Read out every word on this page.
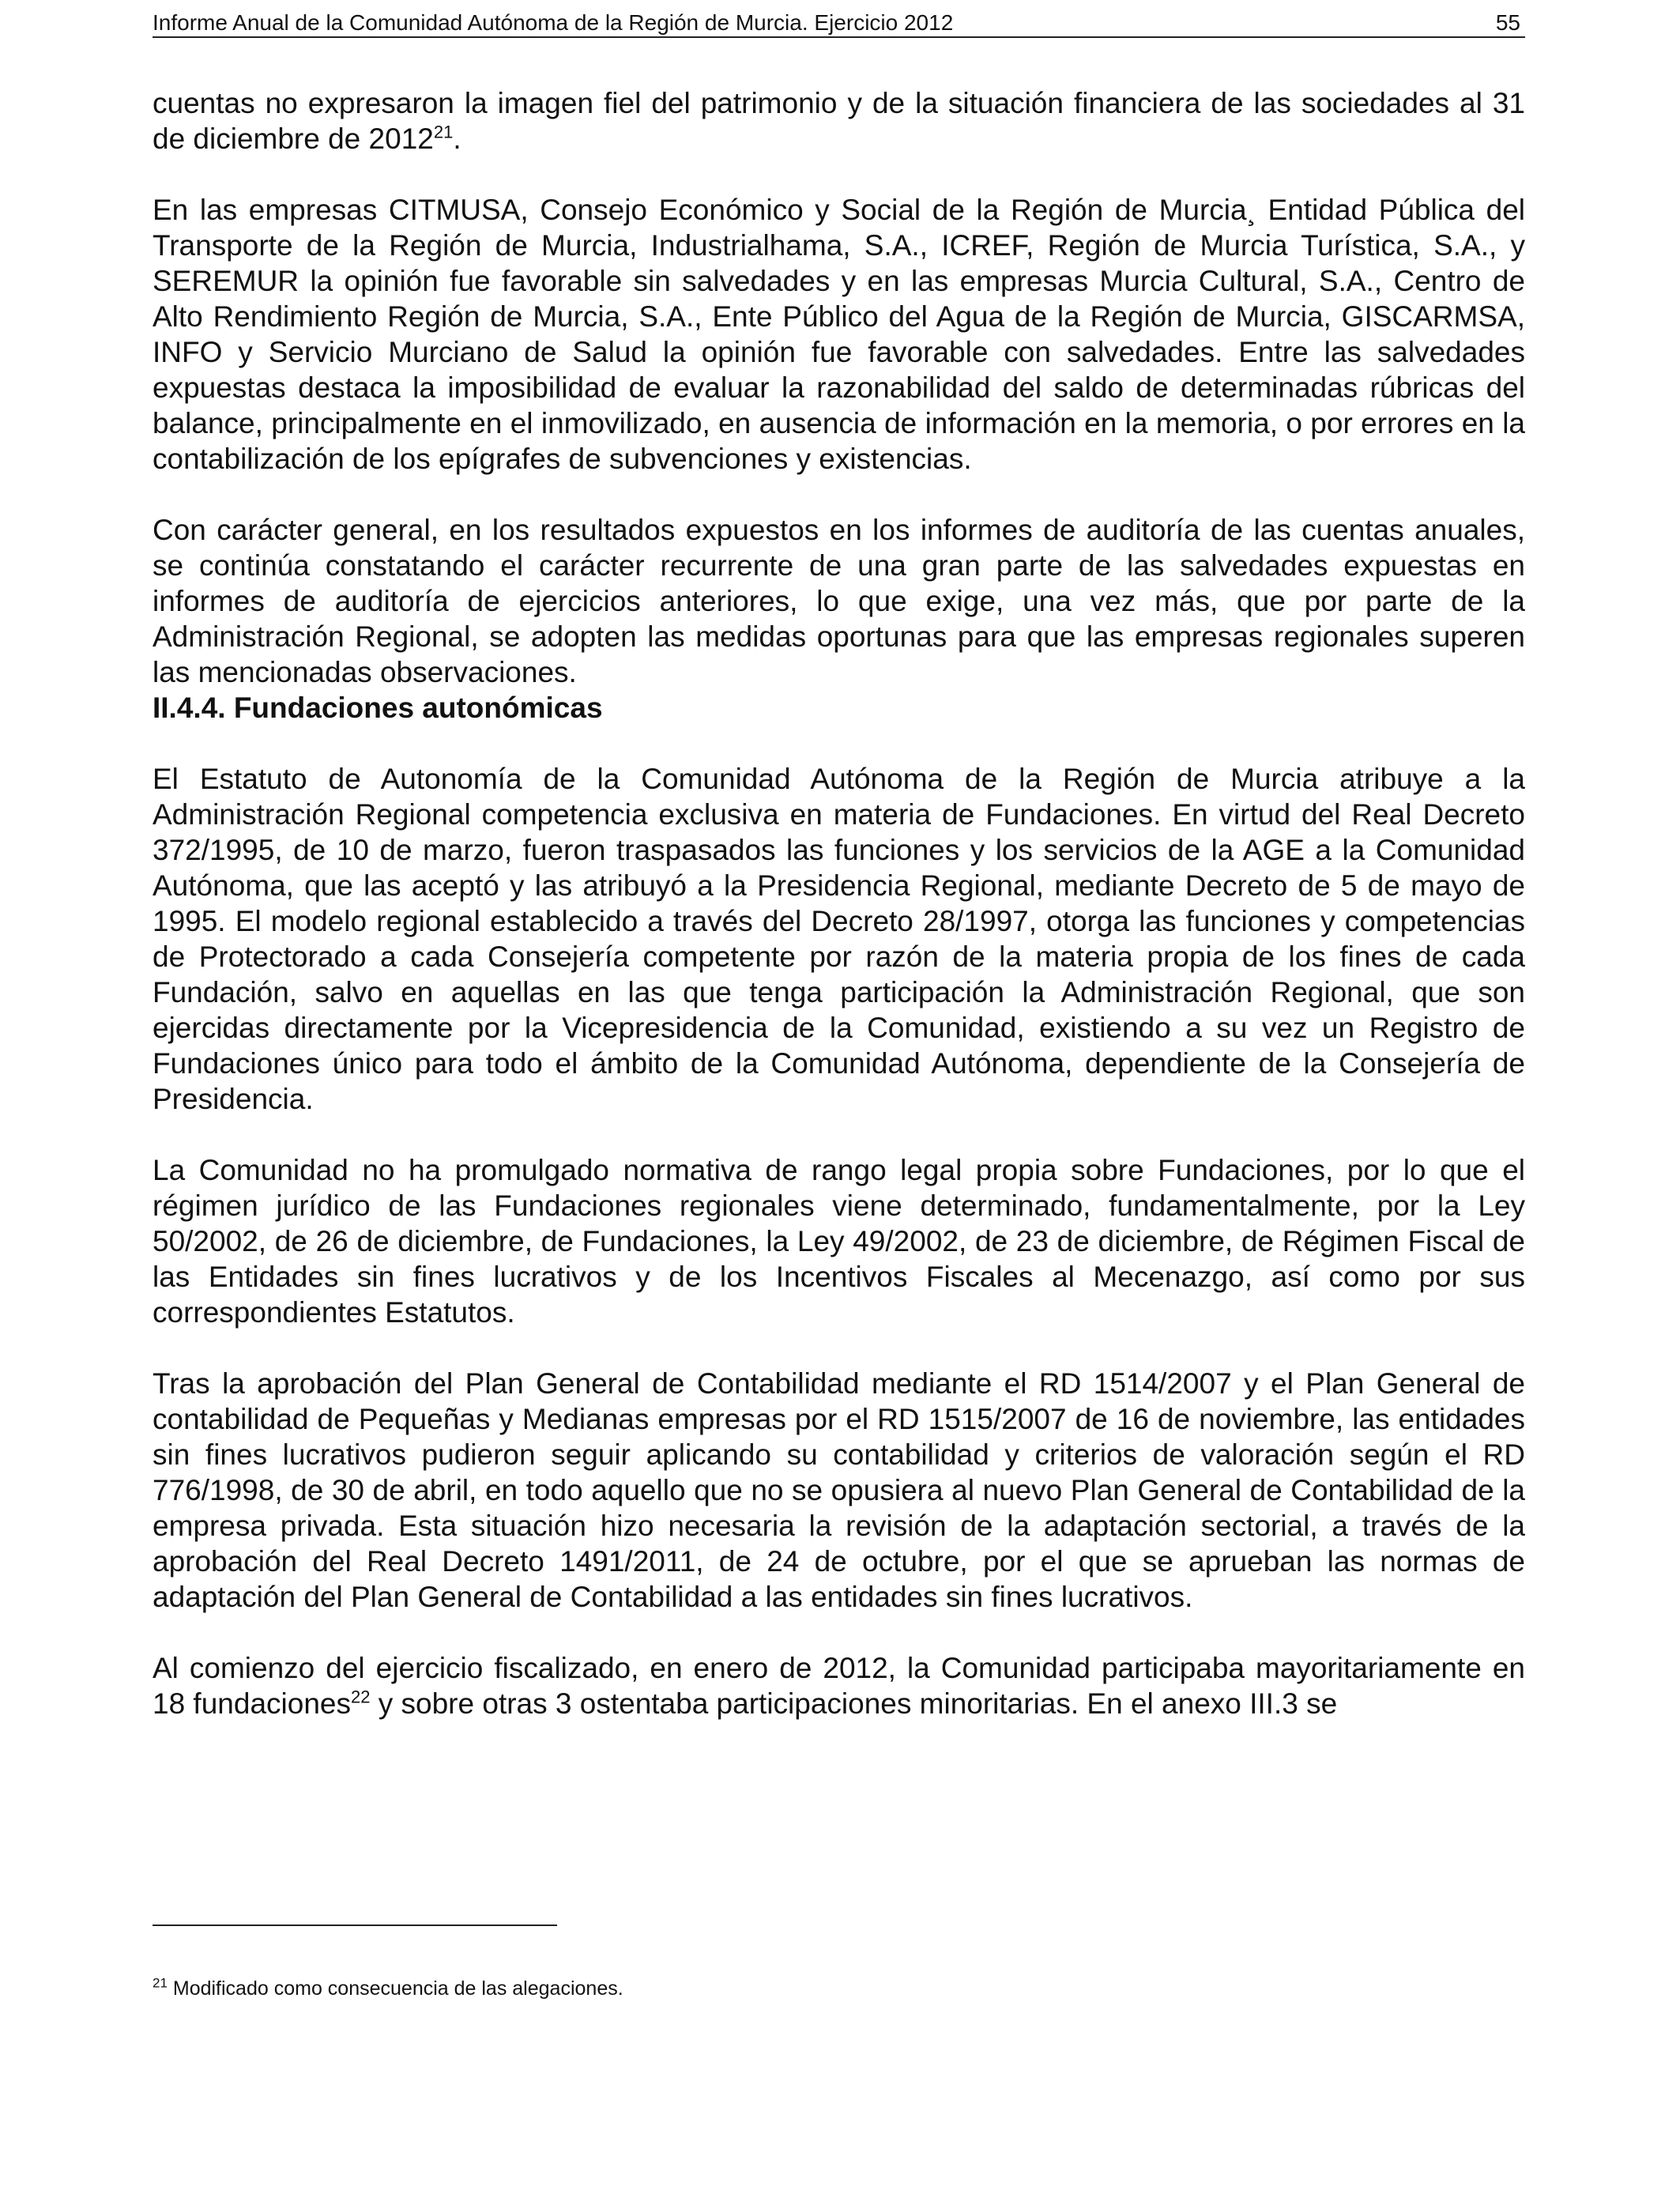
Informe Anual de la Comunidad Autónoma de la Región de Murcia. Ejercicio 2012	55

cuentas no expresaron la imagen fiel del patrimonio y de la situación financiera de las sociedades al 31 de diciembre de 2012$^{21}$.

En las empresas CITMUSA, Consejo Económico y Social de la Región de Murcia¸ Entidad Pública del Transporte de la Región de Murcia, Industrialhama, S.A., ICREF, Región de Murcia Turística, S.A., y SEREMUR la opinión fue favorable sin salvedades y en las empresas Murcia Cultural, S.A., Centro de Alto Rendimiento Región de Murcia, S.A., Ente Público del Agua de la Región de Murcia, GISCARMSA, INFO y Servicio Murciano de Salud la opinión fue favorable con salvedades. Entre las salvedades expuestas destaca la imposibilidad de evaluar la razonabilidad del saldo de determinadas rúbricas del balance, principalmente en el inmovilizado, en ausencia de información en la memoria, o por errores en la contabilización de los epígrafes de subvenciones y existencias.

Con carácter general, en los resultados expuestos en los informes de auditoría de las cuentas anuales, se continúa constatando el carácter recurrente de una gran parte de las salvedades expuestas en informes de auditoría de ejercicios anteriores, lo que exige, una vez más, que por parte de la Administración Regional, se adopten las medidas oportunas para que las empresas regionales superen las mencionadas observaciones.

II.4.4. Fundaciones autonómicas

El Estatuto de Autonomía de la Comunidad Autónoma de la Región de Murcia atribuye a la Administración Regional competencia exclusiva en materia de Fundaciones. En virtud del Real Decreto 372/1995, de 10 de marzo, fueron traspasados las funciones y los servicios de la AGE a la Comunidad Autónoma, que las aceptó y las atribuyó a la Presidencia Regional, mediante Decreto de 5 de mayo de 1995. El modelo regional establecido a través del Decreto 28/1997, otorga las funciones y competencias de Protectorado a cada Consejería competente por razón de la materia propia de los fines de cada Fundación, salvo en aquellas en las que tenga participación la Administración Regional, que son ejercidas directamente por la Vicepresidencia de la Comunidad, existiendo a su vez un Registro de Fundaciones único para todo el ámbito de la Comunidad Autónoma, dependiente de la Consejería de Presidencia.

La Comunidad no ha promulgado normativa de rango legal propia sobre Fundaciones, por lo que el régimen jurídico de las Fundaciones regionales viene determinado, fundamentalmente, por la Ley 50/2002, de 26 de diciembre, de Fundaciones, la Ley 49/2002, de 23 de diciembre, de Régimen Fiscal de las Entidades sin fines lucrativos y de los Incentivos Fiscales al Mecenazgo, así como por sus correspondientes Estatutos.

Tras la aprobación del Plan General de Contabilidad mediante el RD 1514/2007 y el Plan General de contabilidad de Pequeñas y Medianas empresas por el RD 1515/2007 de 16 de noviembre, las entidades sin fines lucrativos pudieron seguir aplicando su contabilidad y criterios de valoración según el RD 776/1998, de 30 de abril, en todo aquello que no se opusiera al nuevo Plan General de Contabilidad de la empresa privada. Esta situación hizo necesaria la revisión de la adaptación sectorial, a través de la aprobación del Real Decreto 1491/2011, de 24 de octubre, por el que se aprueban las normas de adaptación del Plan General de Contabilidad a las entidades sin fines lucrativos.

Al comienzo del ejercicio fiscalizado, en enero de 2012, la Comunidad participaba mayoritariamente en 18 fundaciones$^{22}$ y sobre otras 3 ostentaba participaciones minoritarias. En el anexo III.3 se

$^{21}$ Modificado como consecuencia de las alegaciones.
